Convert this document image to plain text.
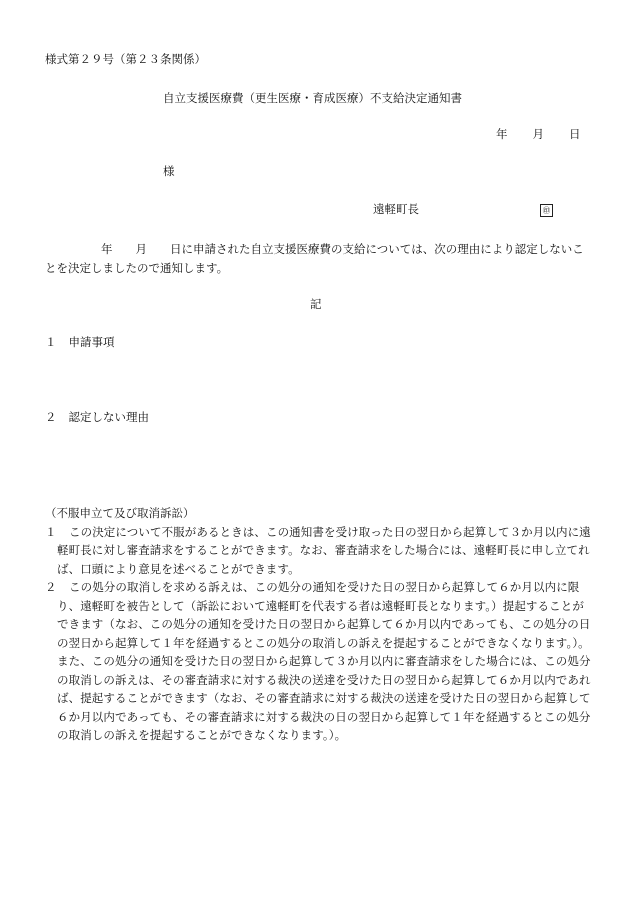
様式第２９号（第２３条関係）
自立支援医療費（更生医療・育成医療）不支給決定通知書
年 月 日
様
遠軽町長	㊞

年　　月　　日に申請された自立支援医療費の支給については、次の理由により認定しないことを決定しましたので通知します。

記
１ 申請事項
２ 認定しない理由

（不服申立て及び取消訴訟）

１	この決定について不服があるときは、この通知書を受け取った日の翌日から起算して３か月以内に遠軽町長に対し審査請求をすることができます。なお、審査請求をした場合には、遠軽町長に申し立てれば、口頭により意見を述べることができます。

２	この処分の取消しを求める訴えは、この処分の通知を受けた日の翌日から起算して６か月以内に限り、遠軽町を被告として（訴訟において遠軽町を代表する者は遠軽町長となります。）提起することができます（なお、この処分の通知を受けた日の翌日から起算して６か月以内であっても、この処分の日の翌日から起算して１年を経過するとこの処分の取消しの訴えを提起することができなくなります。）。また、この処分の通知を受けた日の翌日から起算して３か月以内に審査請求をした場合には、この処分の取消しの訴えは、その審査請求に対する裁決の送達を受けた日の翌日から起算して６か月以内であれば、提起することができます（なお、その審査請求に対する裁決の送達を受けた日の翌日から起算して６か月以内であっても、その審査請求に対する裁決の日の翌日から起算して１年を経過するとこの処分の取消しの訴えを提起することができなくなります。）。
